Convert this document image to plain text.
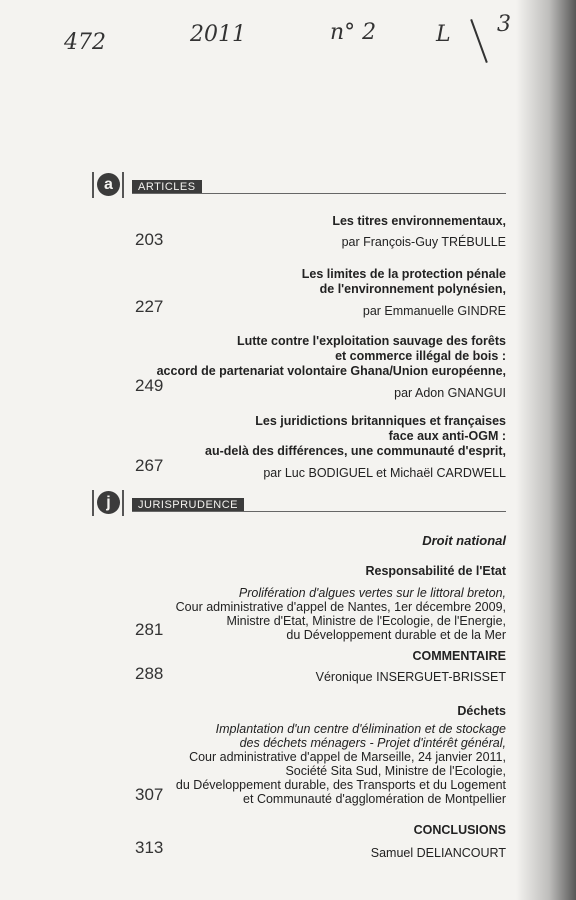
472	2011	n° 2	L 3
a	ARTICLES
Les titres environnementaux,
par François-Guy TRÉBULLE
203
Les limites de la protection pénale
de l'environnement polynésien,
par Emmanuelle GINDRE
227
Lutte contre l'exploitation sauvage des forêts
et commerce illégal de bois :
accord de partenariat volontaire Ghana/Union européenne,
par Adon GNANGUI
249
Les juridictions britanniques et françaises
face aux anti-OGM :
au-delà des différences, une communauté d'esprit,
par Luc BODIGUEL et Michaël CARDWELL
267
j	JURISPRUDENCE
Droit national
Responsabilité de l'Etat
Prolifération d'algues vertes sur le littoral breton,
Cour administrative d'appel de Nantes, 1er décembre 2009,
Ministre d'Etat, Ministre de l'Ecologie, de l'Energie,
du Développement durable et de la Mer
281
COMMENTAIRE
Véronique INSERGUET-BRISSET
288
Déchets
Implantation d'un centre d'élimination et de stockage
des déchets ménagers - Projet d'intérêt général,
Cour administrative d'appel de Marseille, 24 janvier 2011,
Société Sita Sud, Ministre de l'Ecologie,
du Développement durable, des Transports et du Logement
et Communauté d'agglomération de Montpellier
307
CONCLUSIONS
Samuel DELIANCOURT
313
